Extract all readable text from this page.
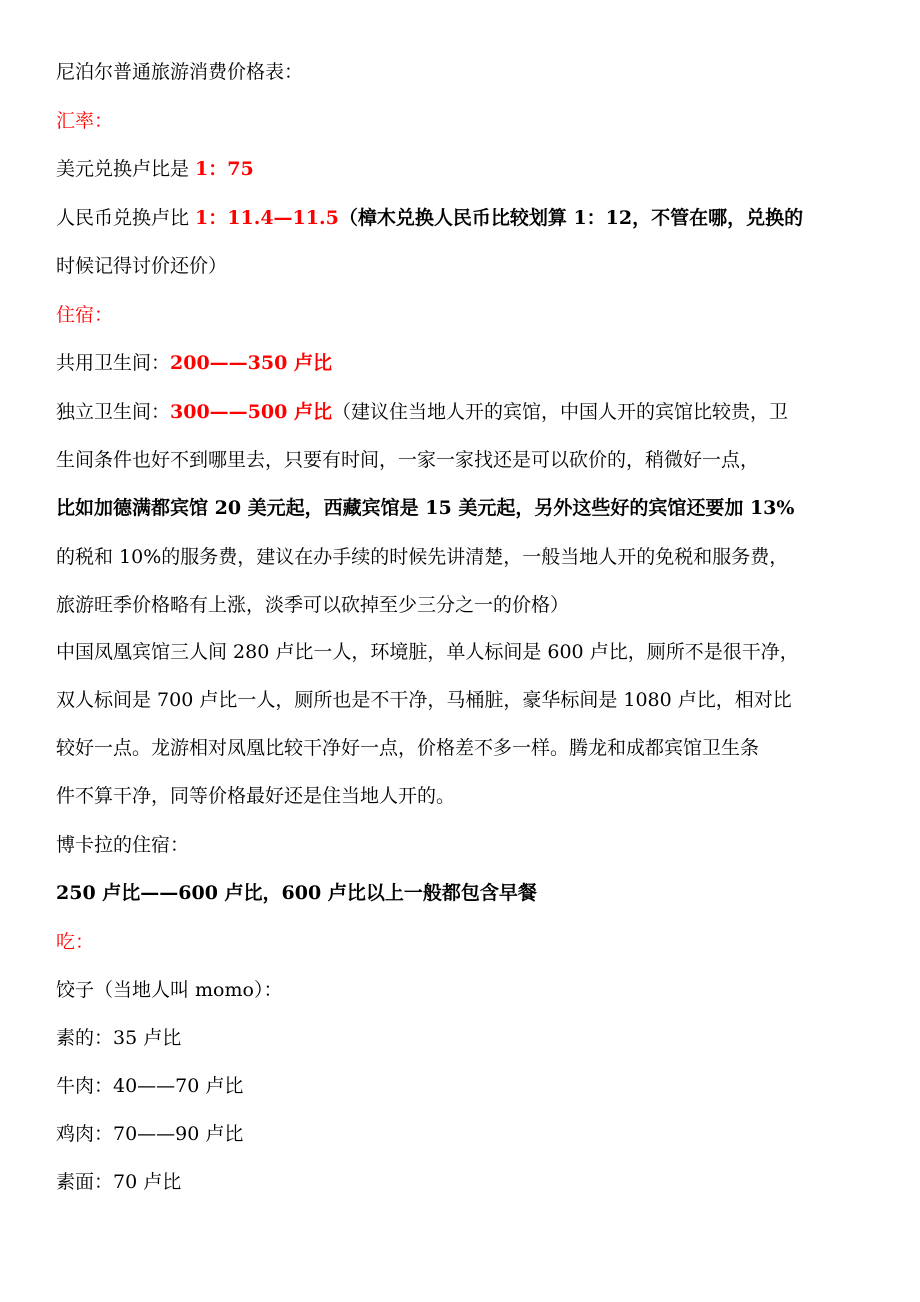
尼泊尔普通旅游消费价格表：
汇率：
美元兑换卢比是 1：75
人民币兑换卢比 1：11.4—11.5（樟木兑换人民币比较划算 1：12，不管在哪，兑换的
时候记得讨价还价）
住宿：
共用卫生间：200——350 卢比
独立卫生间：300——500 卢比（建议住当地人开的宾馆，中国人开的宾馆比较贵，卫
生间条件也好不到哪里去，只要有时间，一家一家找还是可以砍价的，稍微好一点，
比如加德满都宾馆 20 美元起，西藏宾馆是 15 美元起，另外这些好的宾馆还要加 13%
的税和 10%的服务费，建议在办手续的时候先讲清楚，一般当地人开的免税和服务费，
旅游旺季价格略有上涨，淡季可以砍掉至少三分之一的价格）
中国凤凰宾馆三人间 280 卢比一人，环境脏，单人标间是 600 卢比，厕所不是很干净，
双人标间是 700 卢比一人，厕所也是不干净，马桶脏，豪华标间是 1080 卢比，相对比
较好一点。龙游相对凤凰比较干净好一点，价格差不多一样。腾龙和成都宾馆卫生条
件不算干净，同等价格最好还是住当地人开的。
博卡拉的住宿：
250 卢比——600 卢比，600 卢比以上一般都包含早餐
吃：
饺子（当地人叫 momo）：
素的：35 卢比
牛肉：40——70 卢比
鸡肉：70——90 卢比
素面：70 卢比
